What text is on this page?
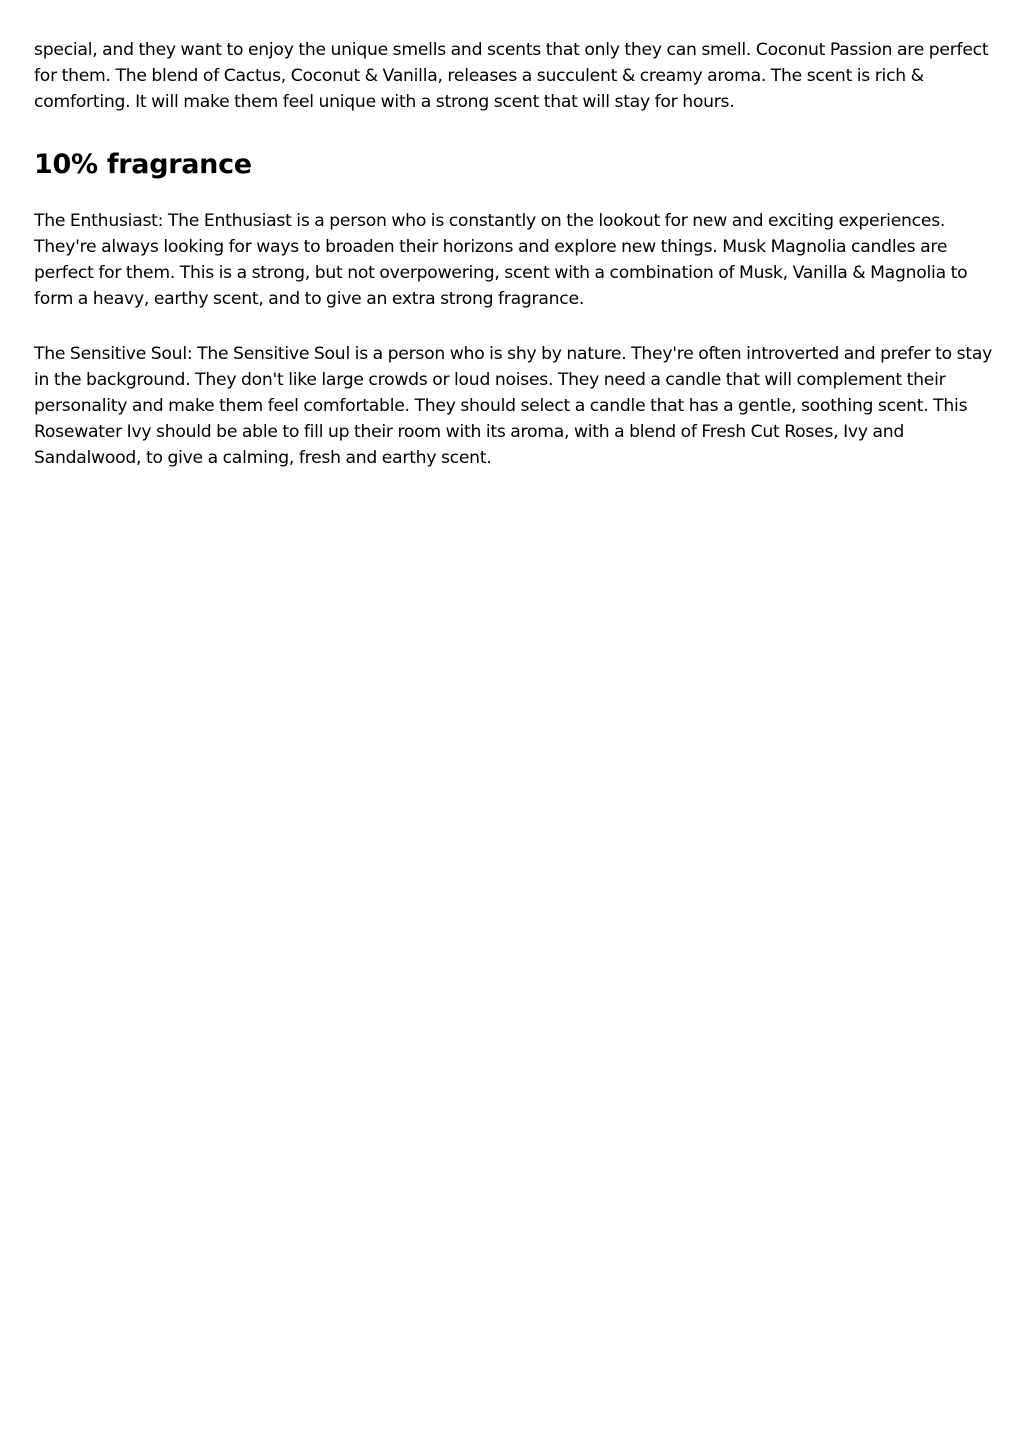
special, and they want to enjoy the unique smells and scents that only they can smell. Coconut Passion are perfect for them. The blend of Cactus, Coconut & Vanilla, releases a succulent & creamy aroma. The scent is rich & comforting. It will make them feel unique with a strong scent that will stay for hours.

10% fragrance

The Enthusiast: The Enthusiast is a person who is constantly on the lookout for new and exciting experiences. They're always looking for ways to broaden their horizons and explore new things. Musk Magnolia candles are perfect for them. This is a strong, but not overpowering, scent with a combination of Musk, Vanilla & Magnolia to form a heavy, earthy scent, and to give an extra strong fragrance.

The Sensitive Soul: The Sensitive Soul is a person who is shy by nature. They're often introverted and prefer to stay in the background. They don't like large crowds or loud noises. They need a candle that will complement their personality and make them feel comfortable. They should select a candle that has a gentle, soothing scent. This Rosewater Ivy should be able to fill up their room with its aroma, with a blend of Fresh Cut Roses, Ivy and Sandalwood, to give a calming, fresh and earthy scent.
